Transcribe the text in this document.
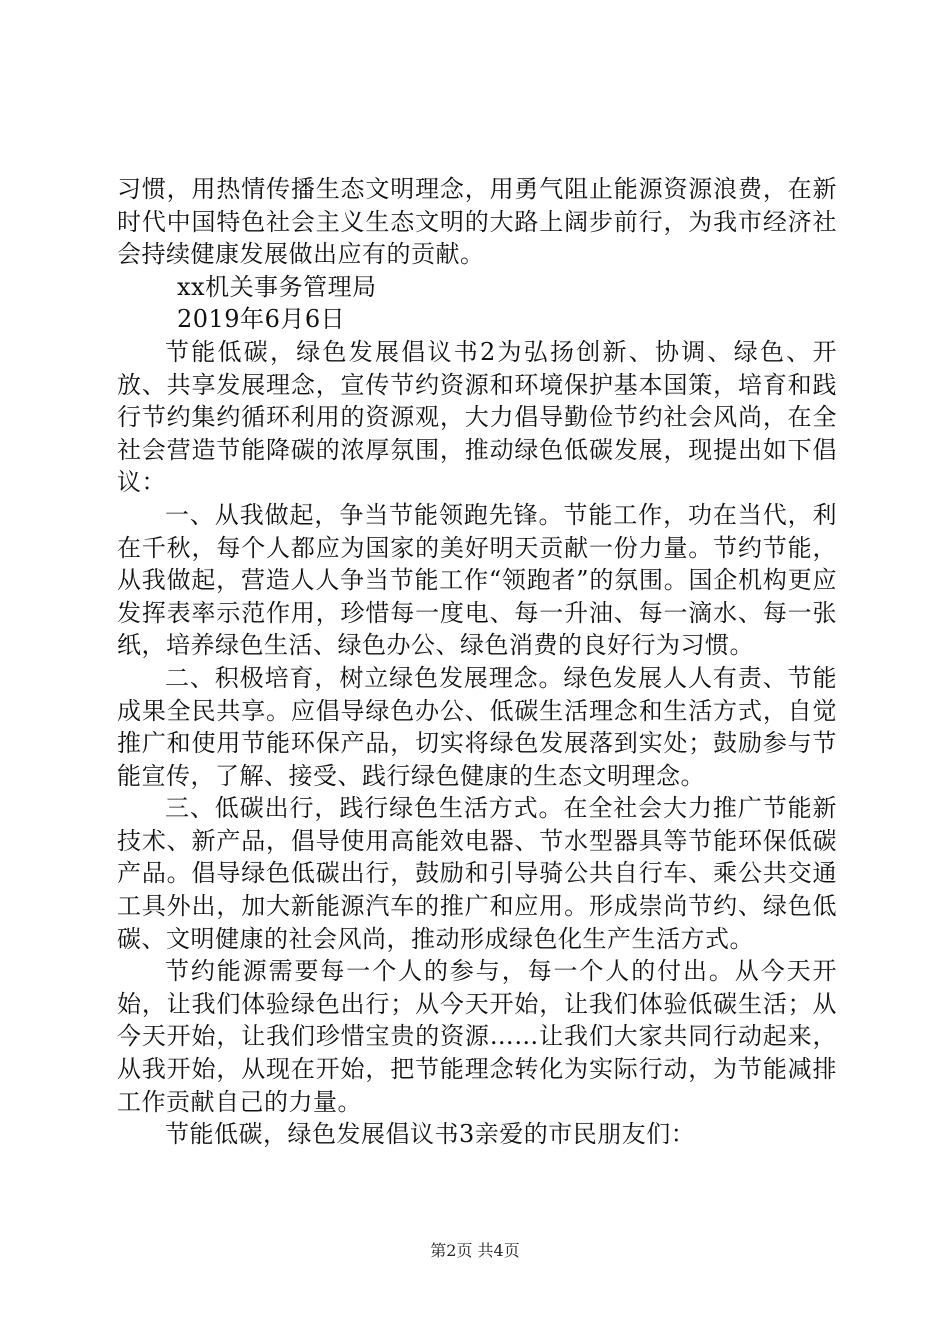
习惯，用热情传播生态文明理念，用勇气阻止能源资源浪费，在新时代中国特色社会主义生态文明的大路上阔步前行，为我市经济社会持续健康发展做出应有的贡献。

xx机关事务管理局

2019年6月6日

节能低碳，绿色发展倡议书2为弘扬创新、协调、绿色、开放、共享发展理念，宣传节约资源和环境保护基本国策，培育和践行节约集约循环利用的资源观，大力倡导勤俭节约社会风尚，在全社会营造节能降碳的浓厚氛围，推动绿色低碳发展，现提出如下倡议：

一、从我做起，争当节能领跑先锋。节能工作，功在当代，利在千秋，每个人都应为国家的美好明天贡献一份力量。节约节能，从我做起，营造人人争当节能工作“领跑者”的氛围。国企机构更应发挥表率示范作用，珍惜每一度电、每一升油、每一滴水、每一张纸，培养绿色生活、绿色办公、绿色消费的良好行为习惯。

二、积极培育，树立绿色发展理念。绿色发展人人有责、节能成果全民共享。应倡导绿色办公、低碳生活理念和生活方式，自觉推广和使用节能环保产品，切实将绿色发展落到实处；鼓励参与节能宣传，了解、接受、践行绿色健康的生态文明理念。

三、低碳出行，践行绿色生活方式。在全社会大力推广节能新技术、新产品，倡导使用高能效电器、节水型器具等节能环保低碳产品。倡导绿色低碳出行，鼓励和引导骑公共自行车、乘公共交通工具外出，加大新能源汽车的推广和应用。形成崇尚节约、绿色低碳、文明健康的社会风尚，推动形成绿色化生产生活方式。

节约能源需要每一个人的参与，每一个人的付出。从今天开始，让我们体验绿色出行；从今天开始，让我们体验低碳生活；从今天开始，让我们珍惜宝贵的资源……让我们大家共同行动起来，从我开始，从现在开始，把节能理念转化为实际行动，为节能减排工作贡献自己的力量。

节能低碳，绿色发展倡议书3亲爱的市民朋友们：

第2页 共4页
